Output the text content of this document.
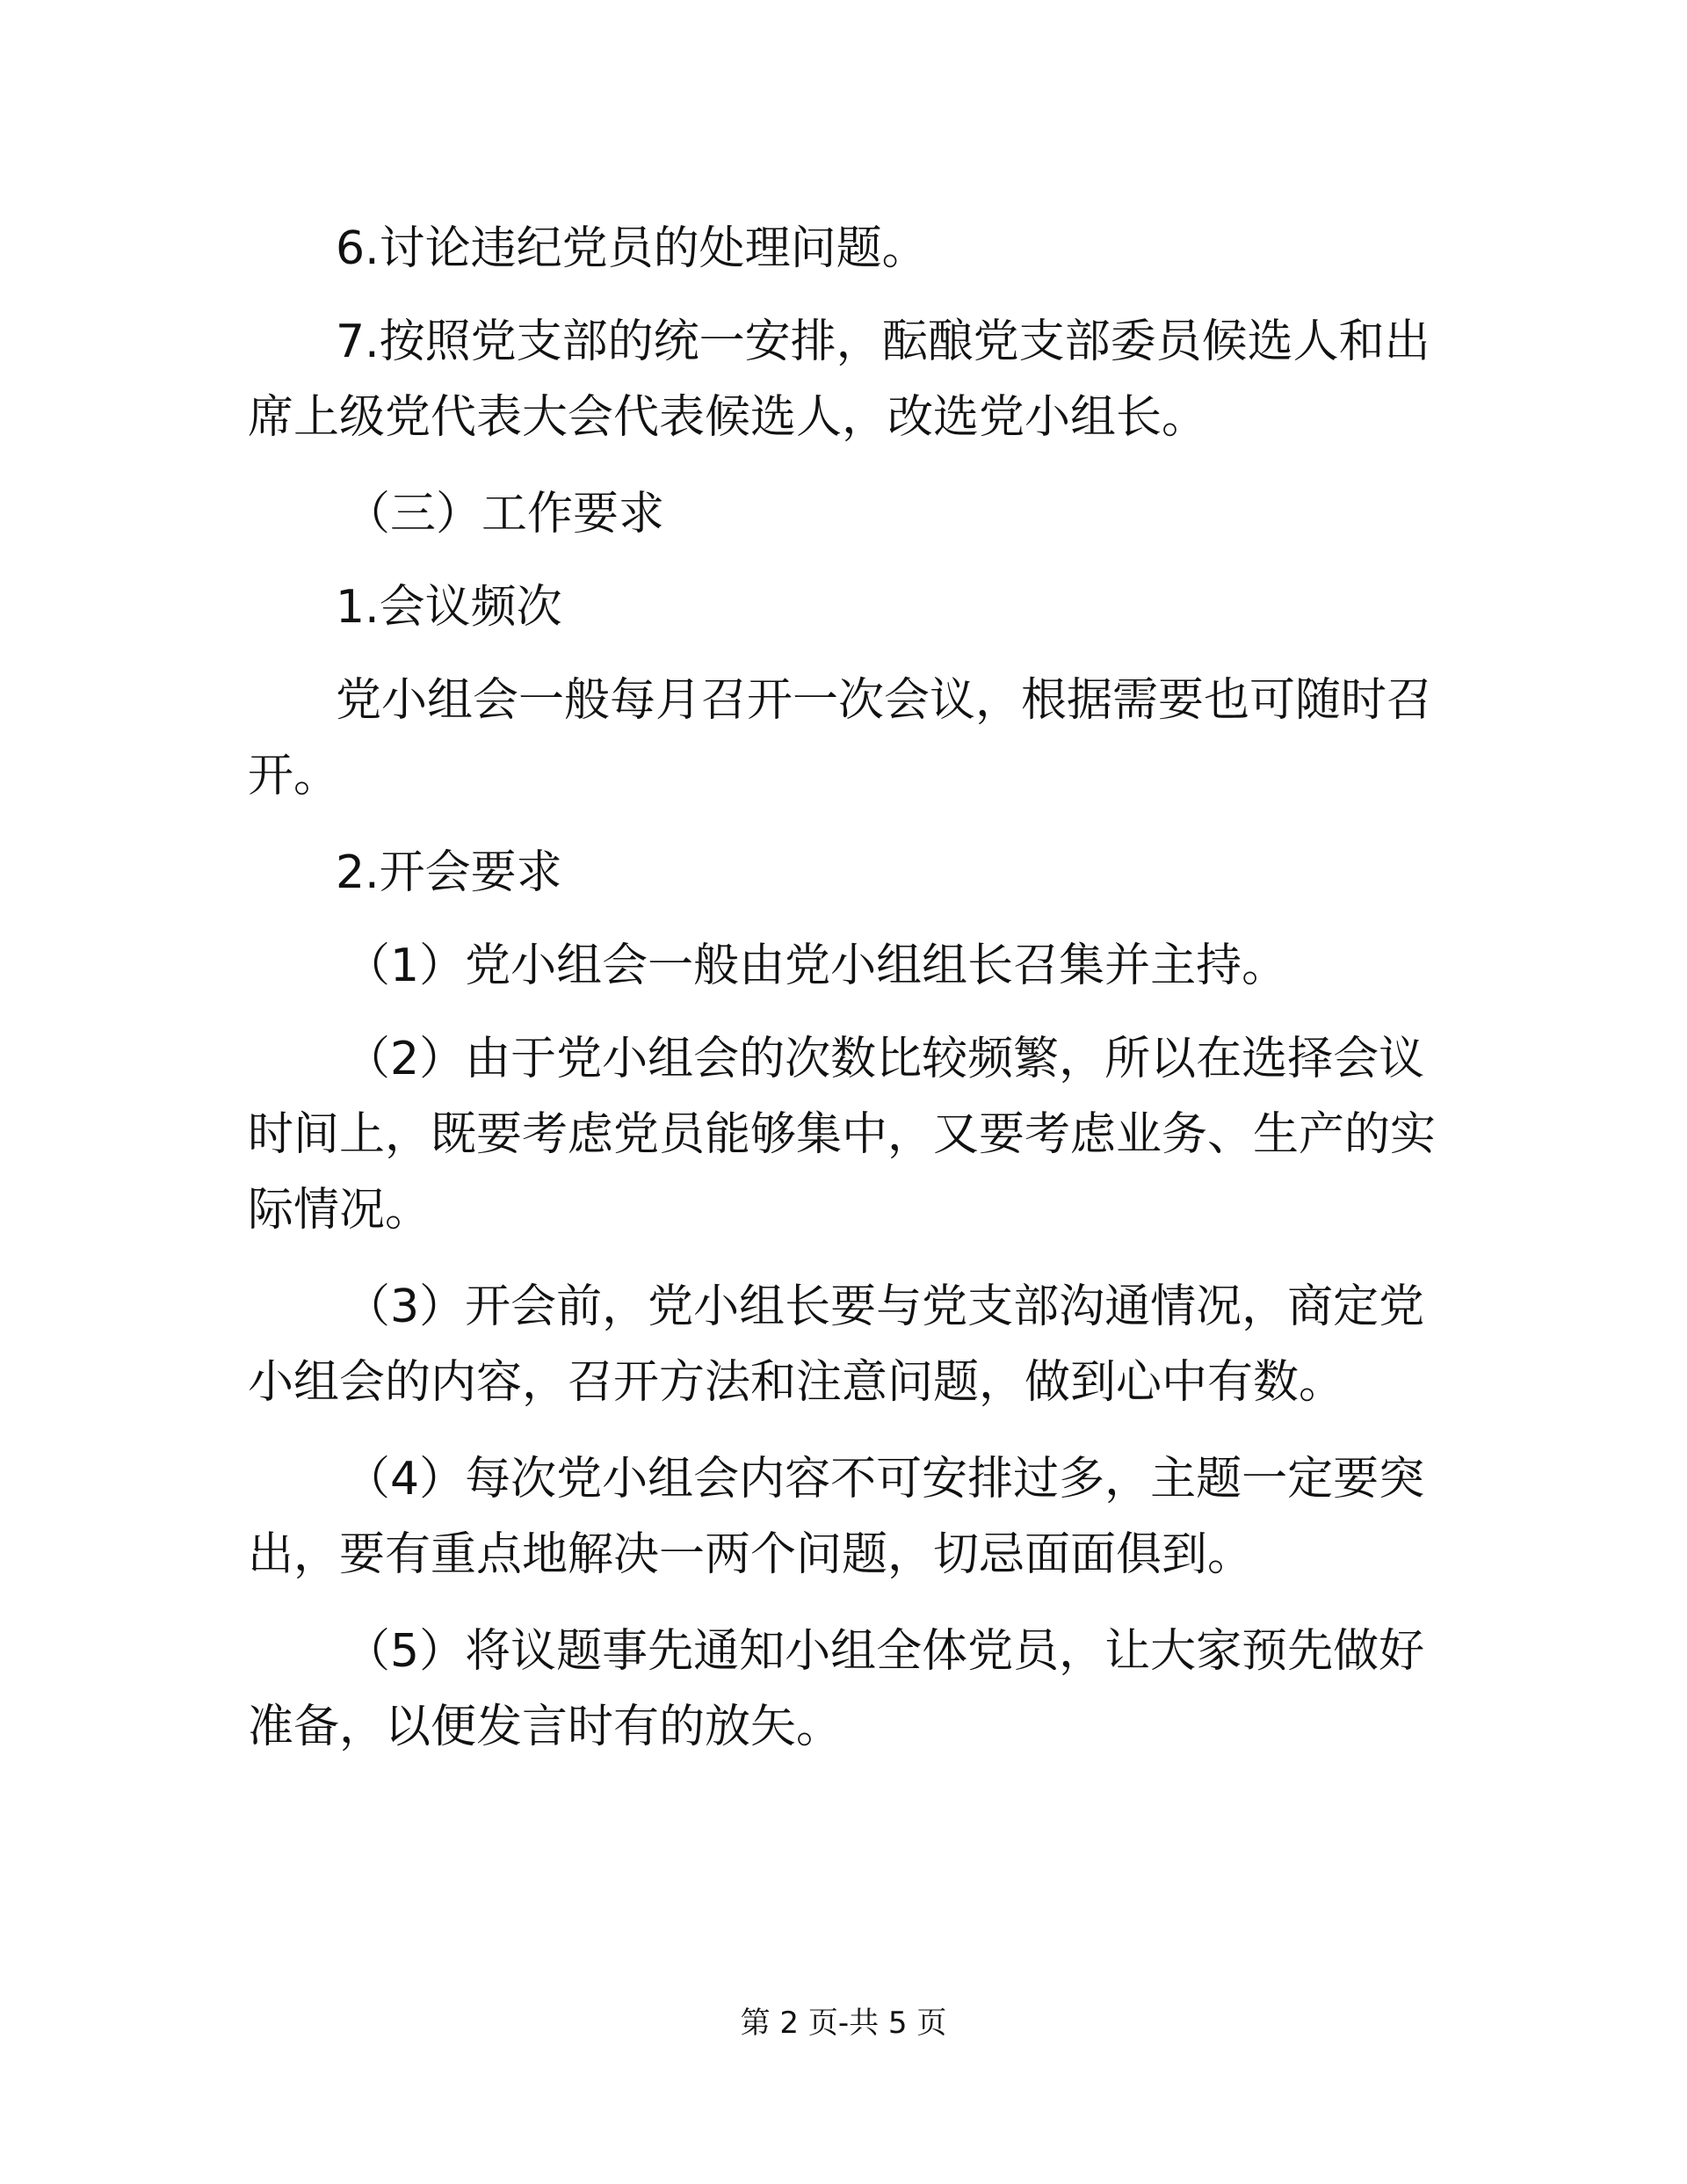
6.讨论违纪党员的处理问题。

7.按照党支部的统一安排，酝酿党支部委员候选人和出席上级党代表大会代表候选人，改选党小组长。

（三）工作要求

1.会议频次

党小组会一般每月召开一次会议，根据需要也可随时召开。

2.开会要求

（1）党小组会一般由党小组组长召集并主持。

（2）由于党小组会的次数比较频繁，所以在选择会议时间上，既要考虑党员能够集中，又要考虑业务、生产的实际情况。

（3）开会前，党小组长要与党支部沟通情况，商定党小组会的内容，召开方法和注意问题，做到心中有数。

（4）每次党小组会内容不可安排过多，主题一定要突出，要有重点地解决一两个问题，切忌面面俱到。

（5）将议题事先通知小组全体党员，让大家预先做好准备，以便发言时有的放矢。

第 2 页-共 5 页
